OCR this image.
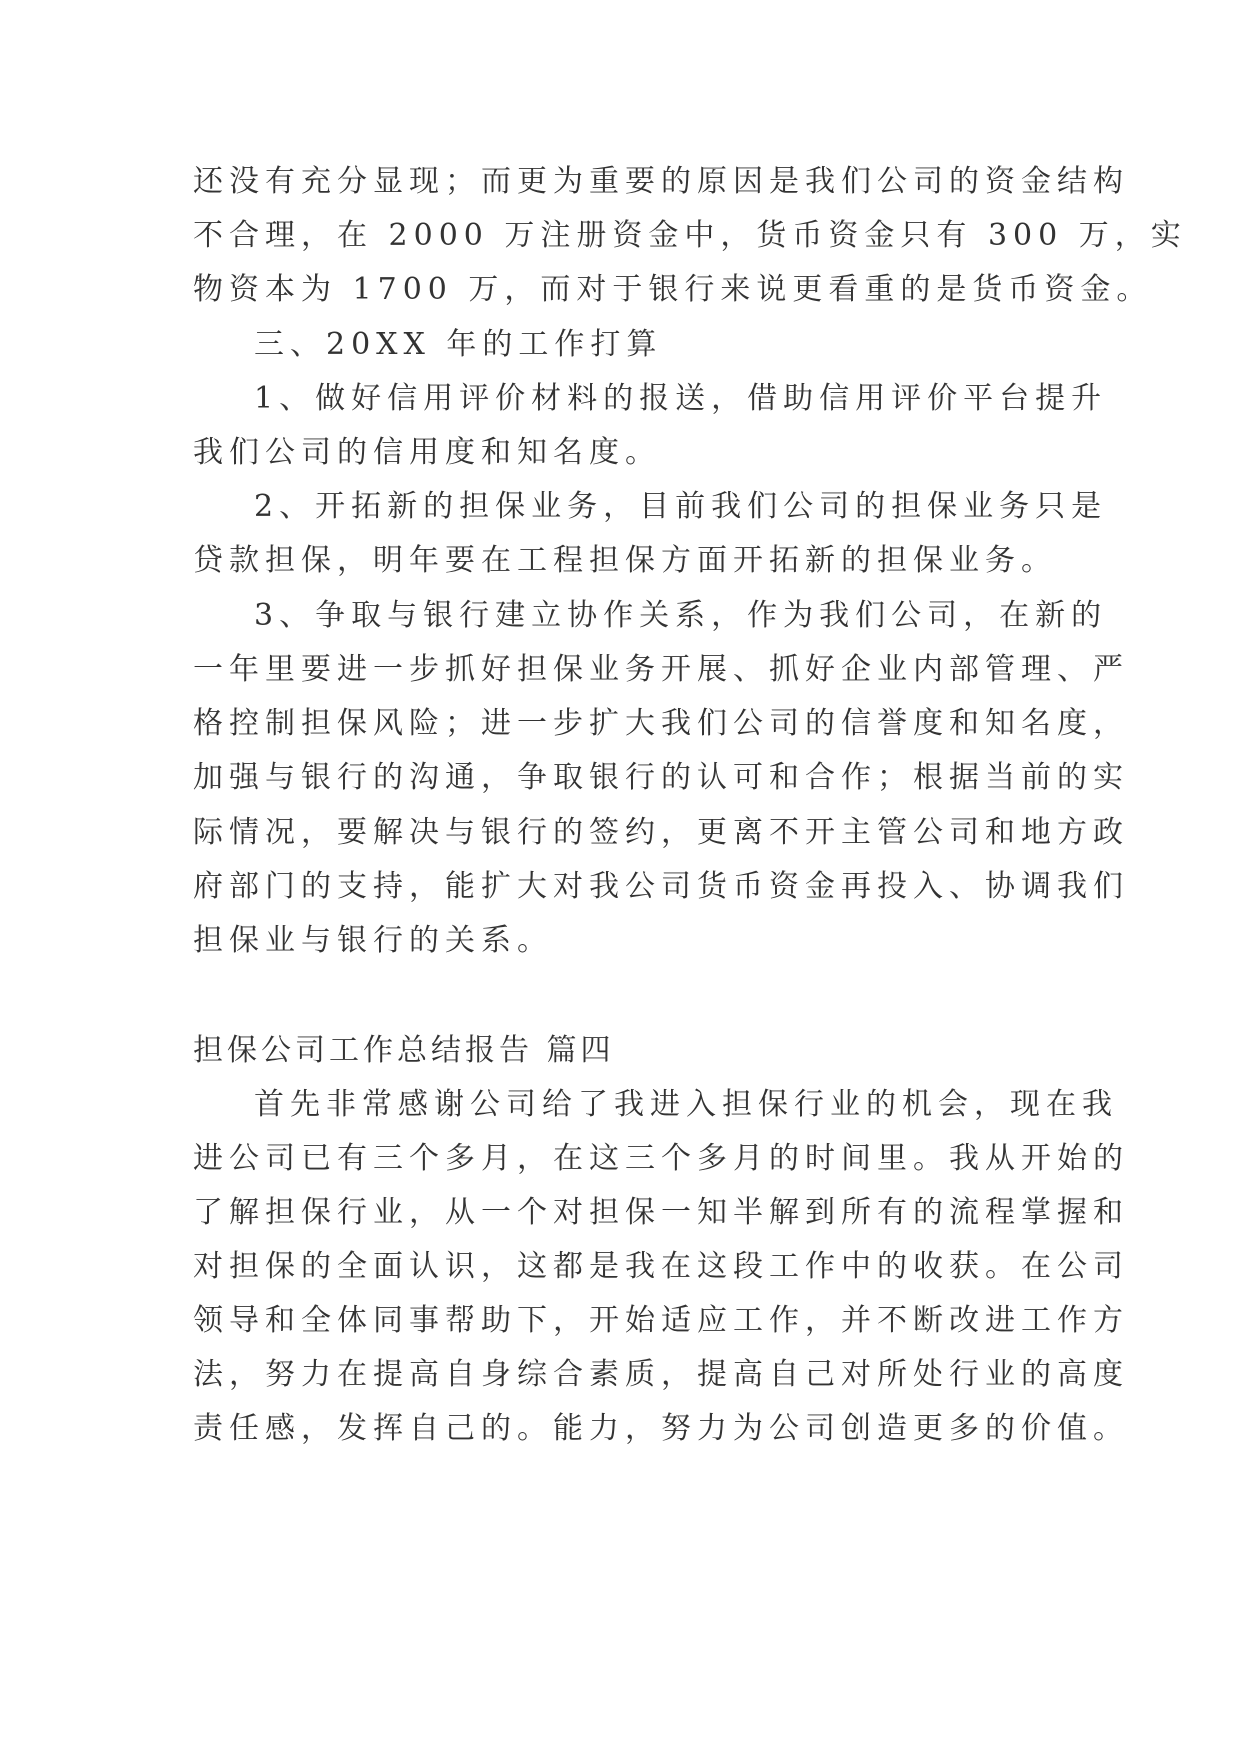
还没有充分显现；而更为重要的原因是我们公司的资金结构

不合理，在 2000 万注册资金中，货币资金只有 300 万，实

物资本为 1700 万，而对于银行来说更看重的是货币资金。

三、20XX 年的工作打算

1、做好信用评价材料的报送，借助信用评价平台提升

我们公司的信用度和知名度。

2、开拓新的担保业务，目前我们公司的担保业务只是

贷款担保，明年要在工程担保方面开拓新的担保业务。

3、争取与银行建立协作关系，作为我们公司，在新的

一年里要进一步抓好担保业务开展、抓好企业内部管理、严

格控制担保风险；进一步扩大我们公司的信誉度和知名度，

加强与银行的沟通，争取银行的认可和合作；根据当前的实

际情况，要解决与银行的签约，更离不开主管公司和地方政

府部门的支持，能扩大对我公司货币资金再投入、协调我们

担保业与银行的关系。

担保公司工作总结报告 篇四

首先非常感谢公司给了我进入担保行业的机会，现在我

进公司已有三个多月，在这三个多月的时间里。我从开始的

了解担保行业，从一个对担保一知半解到所有的流程掌握和

对担保的全面认识，这都是我在这段工作中的收获。在公司

领导和全体同事帮助下，开始适应工作，并不断改进工作方

法，努力在提高自身综合素质，提高自己对所处行业的高度

责任感，发挥自己的。能力，努力为公司创造更多的价值。
